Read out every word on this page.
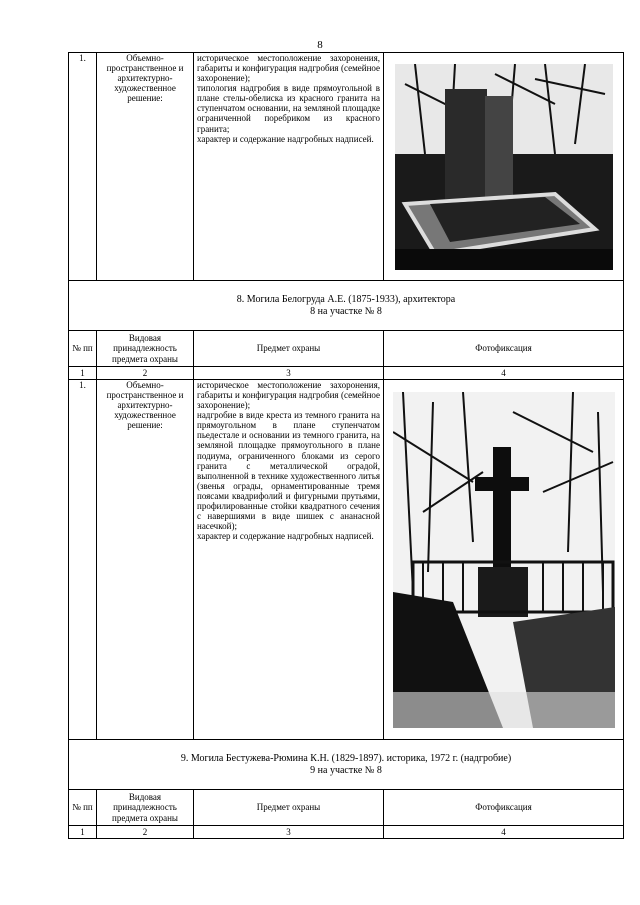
8
1.	Объемно-пространственное и архитектурно-художественное решение:	историческое местоположение захоронения, габариты и конфигурация надгробия (семейное захоронение);

типология надгробия в виде прямоугольной в плане стелы-обелиска из красного гранита на ступенчатом основании, на земляной площадке ограниченной поребриком из красного гранита;

характер и содержание надгробных надписей.

8. Могила Белогруда А.Е. (1875-1933), архитектора
8 на участке № 8			

№ пп	Видовая принадлежность предмета охраны	Предмет охраны	Фотофиксация
1	2	3	4
1.	Объемно-пространственное и архитектурно-художественное решение:	историческое местоположение захоронения, габариты и конфигурация надгробия (семейное захоронение);

надгробие в виде креста из темного гранита на прямоугольном в плане ступенчатом пьедестале и основании из темного гранита, на земляной площадке прямоугольного в плане подиума, ограниченного блоками из серого гранита с металлической оградой, выполненной в технике художественного литья (звенья ограды, орнаментированные тремя поясами квадрифолий и фигурными прутьями, профилированные стойки квадратного сечения с навершиями в виде шишек с ананасной насечкой);

характер и содержание надгробных надписей.

9. Могила Бестужева-Рюмина К.Н. (1829-1897). историка, 1972 г. (надгробие)
9 на участке № 8			

№ пп	Видовая принадлежность предмета охраны	Предмет охраны	Фотофиксация
1	2	3	4
